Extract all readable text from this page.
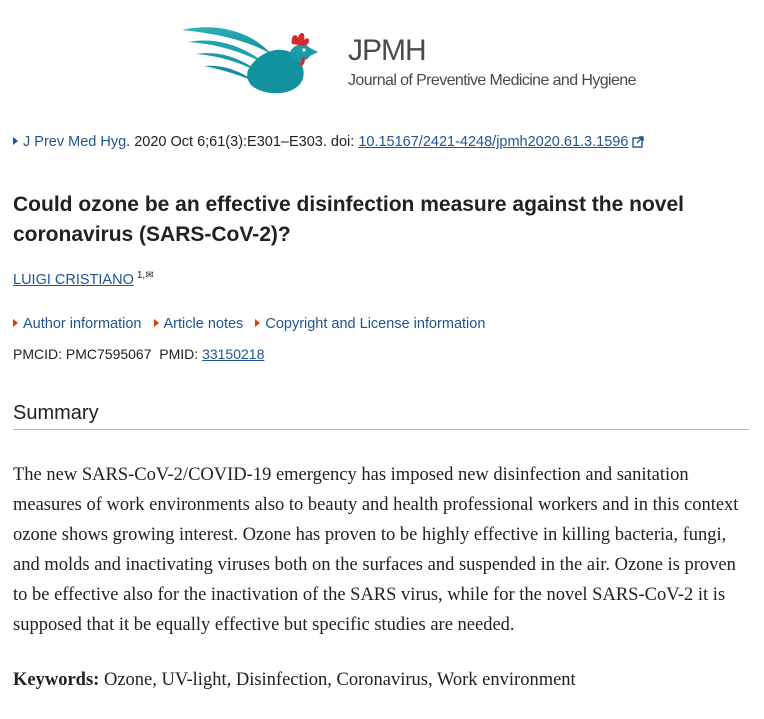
JPMH
Journal of Preventive Medicine and Hygiene
J Prev Med Hyg. 2020 Oct 6;61(3):E301–E303. doi: 10.15167/2421-4248/jpmh2020.61.3.1596
Could ozone be an effective disinfection measure against the novel coronavirus (SARS-CoV-2)?
LUIGI CRISTIANO $^{1,✉}$
Author information Article notes Copyright and License information
PMCID: PMC7595067 PMID: 33150218
Summary

The new SARS-CoV-2/COVID-19 emergency has imposed new disinfection and sanitation measures of work environments also to beauty and health professional workers and in this context ozone shows growing interest. Ozone has proven to be highly effective in killing bacteria, fungi, and molds and inactivating viruses both on the surfaces and suspended in the air. Ozone is proven to be effective also for the inactivation of the SARS virus, while for the novel SARS-CoV-2 it is supposed that it be equally effective but specific studies are needed.

Keywords: Ozone, UV-light, Disinfection, Coronavirus, Work environment
